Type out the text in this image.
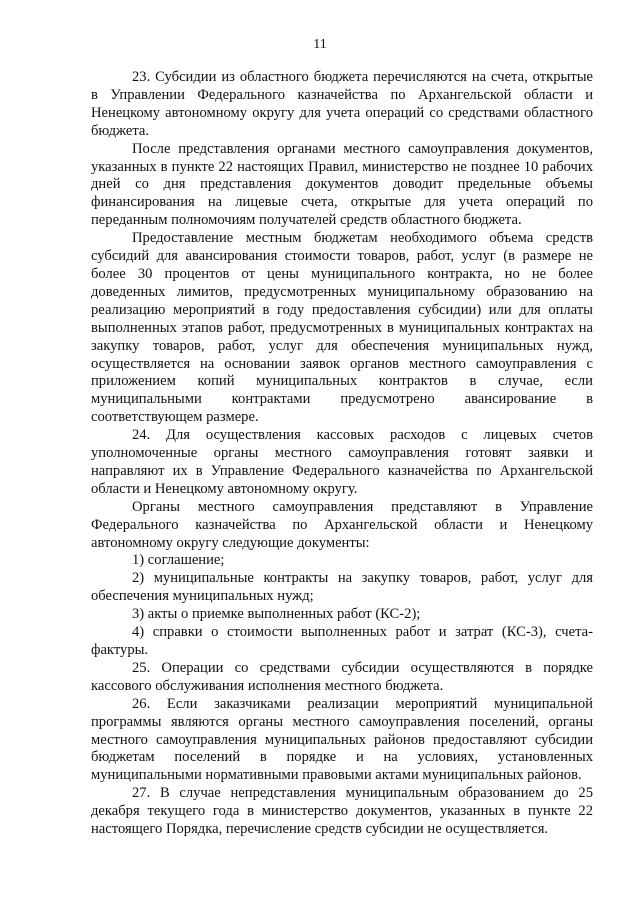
11

23. Субсидии из областного бюджета перечисляются на счета, открытые в Управлении Федерального казначейства по Архангельской области и Ненецкому автономному округу для учета операций со средствами областного бюджета.

После представления органами местного самоуправления документов, указанных в пункте 22 настоящих Правил, министерство не позднее 10 рабочих дней со дня представления документов доводит предельные объемы финансирования на лицевые счета, открытые для учета операций по переданным полномочиям получателей средств областного бюджета.

Предоставление местным бюджетам необходимого объема средств субсидий для авансирования стоимости товаров, работ, услуг (в размере не более 30 процентов от цены муниципального контракта, но не более доведенных лимитов, предусмотренных муниципальному образованию на реализацию мероприятий в году предоставления субсидии) или для оплаты выполненных этапов работ, предусмотренных в муниципальных контрактах на закупку товаров, работ, услуг для обеспечения муниципальных нужд, осуществляется на основании заявок органов местного самоуправления с приложением копий муниципальных контрактов в случае, если муниципальными контрактами предусмотрено авансирование в соответствующем размере.

24. Для осуществления кассовых расходов с лицевых счетов уполномоченные органы местного самоуправления готовят заявки и направляют их в Управление Федерального казначейства по Архангельской области и Ненецкому автономному округу.

Органы местного самоуправления представляют в Управление Федерального казначейства по Архангельской области и Ненецкому автономному округу следующие документы:

1) соглашение;

2) муниципальные контракты на закупку товаров, работ, услуг для обеспечения муниципальных нужд;

3) акты о приемке выполненных работ (КС-2);

4) справки о стоимости выполненных работ и затрат (КС-3), счета-фактуры.

25. Операции со средствами субсидии осуществляются в порядке кассового обслуживания исполнения местного бюджета.

26. Если заказчиками реализации мероприятий муниципальной программы являются органы местного самоуправления поселений, органы местного самоуправления муниципальных районов предоставляют субсидии бюджетам поселений в порядке и на условиях, установленных муниципальными нормативными правовыми актами муниципальных районов.

27. В случае непредставления муниципальным образованием до 25 декабря текущего года в министерство документов, указанных в пункте 22 настоящего Порядка, перечисление средств субсидии не осуществляется.
